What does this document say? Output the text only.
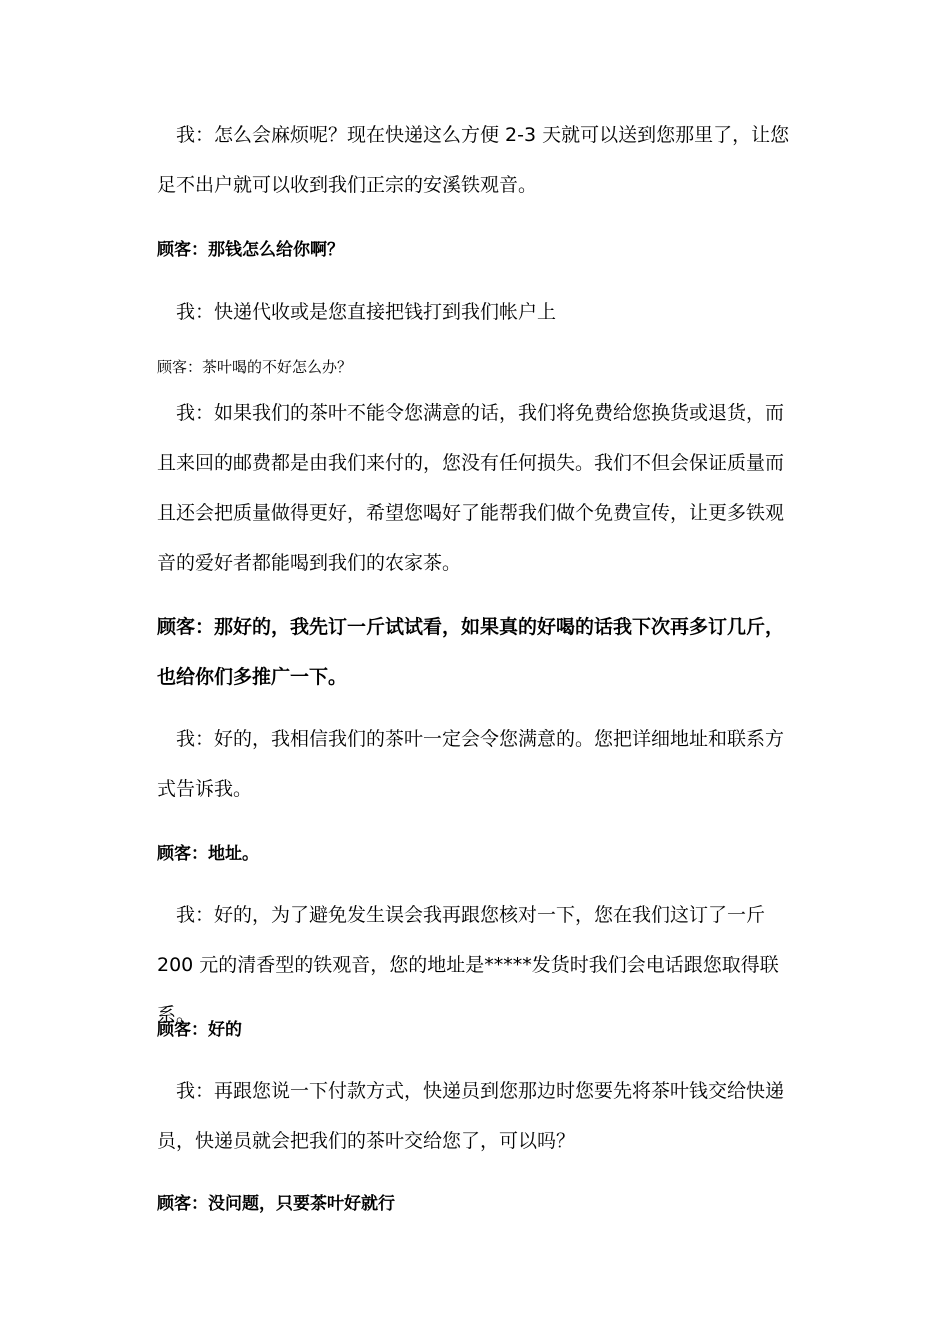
我：怎么会麻烦呢？现在快递这么方便 2-3 天就可以送到您那里了，让您足不出户就可以收到我们正宗的安溪铁观音。

顾客：那钱怎么给你啊？

我：快递代收或是您直接把钱打到我们帐户上

顾客：茶叶喝的不好怎么办？

我：如果我们的茶叶不能令您满意的话，我们将免费给您换货或退货，而且来回的邮费都是由我们来付的，您没有任何损失。我们不但会保证质量而且还会把质量做得更好，希望您喝好了能帮我们做个免费宣传，让更多铁观音的爱好者都能喝到我们的农家茶。

顾客：那好的，我先订一斤试试看，如果真的好喝的话我下次再多订几斤，也给你们多推广一下。

我：好的，我相信我们的茶叶一定会令您满意的。您把详细地址和联系方式告诉我。

顾客：地址。

我：好的，为了避免发生误会我再跟您核对一下，您在我们这订了一斤 200 元的清香型的铁观音，您的地址是*****发货时我们会电话跟您取得联系。

顾客：好的

我：再跟您说一下付款方式，快递员到您那边时您要先将茶叶钱交给快递员，快递员就会把我们的茶叶交给您了，可以吗？

顾客：没问题，只要茶叶好就行
